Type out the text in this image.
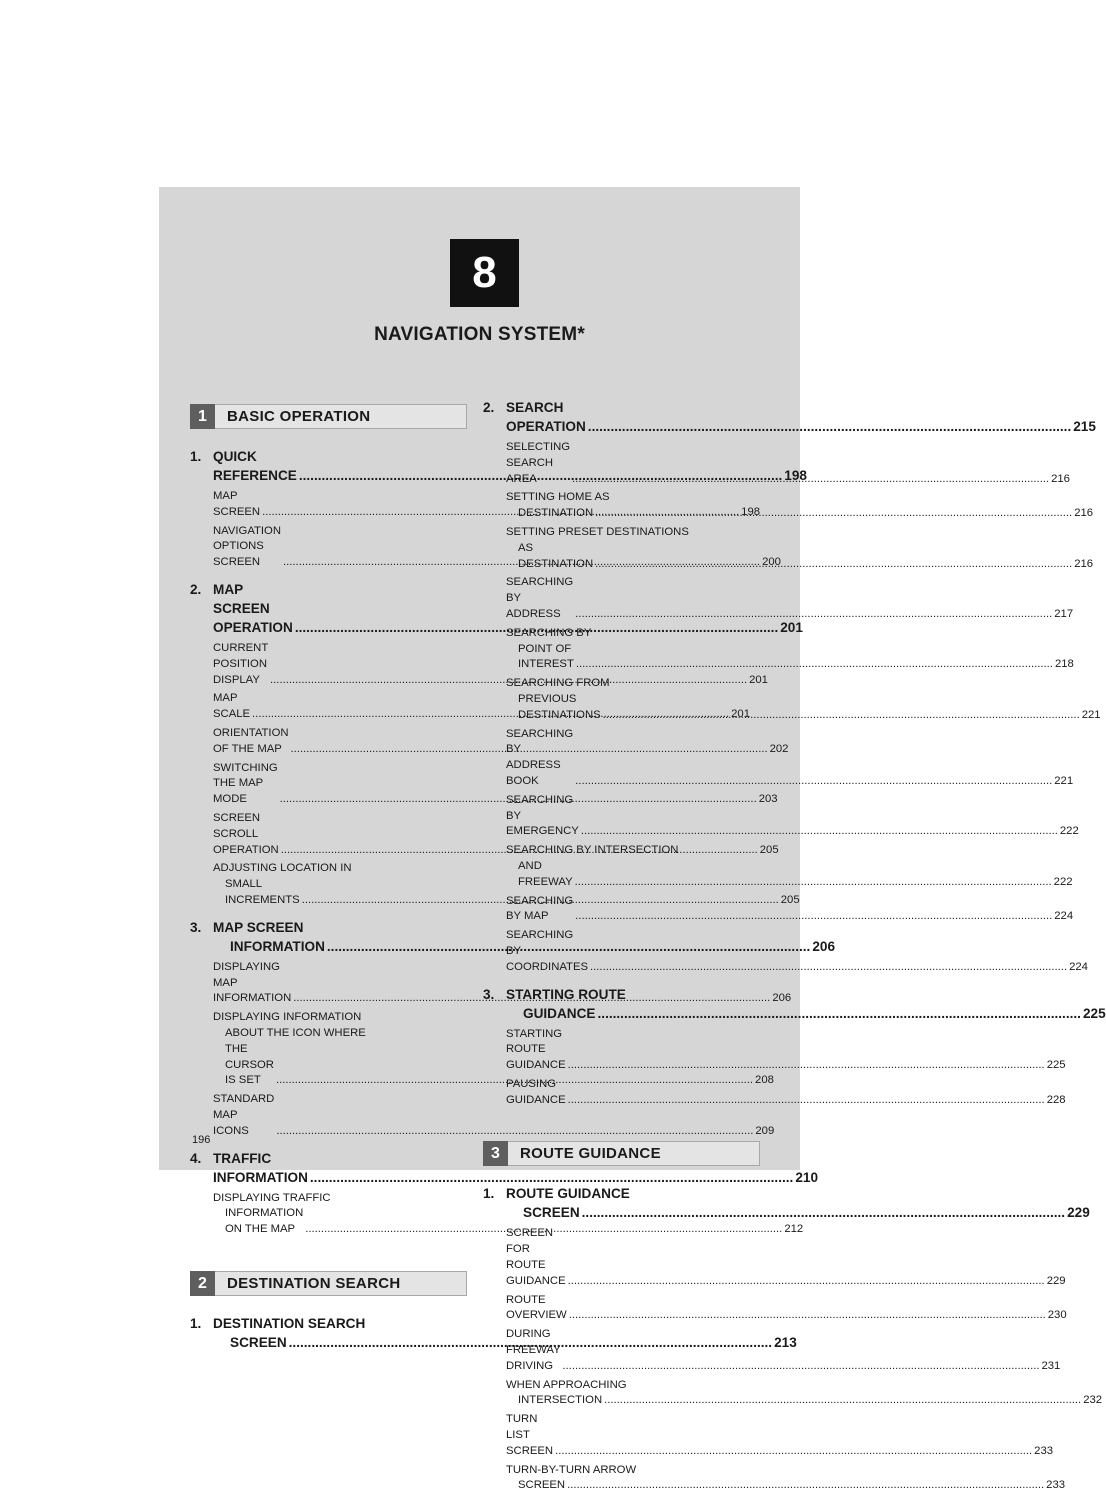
8
NAVIGATION SYSTEM*
196
1	BASIC OPERATION
1. QUICK REFERENCE .....	198
MAP SCREEN .....	198
NAVIGATION OPTIONS SCREEN .....	200
2. MAP SCREEN OPERATION .....	201
CURRENT POSITION DISPLAY .....	201
MAP SCALE .....	201
ORIENTATION OF THE MAP .....	202
SWITCHING THE MAP MODE .....	203
SCREEN SCROLL OPERATION .....	205
ADJUSTING LOCATION IN
SMALL INCREMENTS .....	205
3. MAP SCREEN
INFORMATION .....	206
DISPLAYING MAP INFORMATION .....	206
DISPLAYING INFORMATION
ABOUT THE ICON WHERE
THE CURSOR IS SET .....	208
STANDARD MAP ICONS .....	209
4. TRAFFIC INFORMATION .....	210
DISPLAYING TRAFFIC
INFORMATION ON THE MAP .....	212
2	DESTINATION SEARCH
1. DESTINATION SEARCH
SCREEN .....	213
2. SEARCH OPERATION .....	215
SELECTING SEARCH AREA .....	216
SETTING HOME AS
DESTINATION .....	216
SETTING PRESET DESTINATIONS
AS DESTINATION .....	216
SEARCHING BY ADDRESS .....	217
SEARCHING BY
POINT OF INTEREST .....	218
SEARCHING FROM
PREVIOUS DESTINATIONS .....	221
SEARCHING BY ADDRESS BOOK .....	221
SEARCHING BY EMERGENCY .....	222
SEARCHING BY INTERSECTION
AND FREEWAY .....	222
SEARCHING BY MAP .....	224
SEARCHING BY COORDINATES .....	224
3. STARTING ROUTE
GUIDANCE .....	225
STARTING ROUTE GUIDANCE .....	225
PAUSING GUIDANCE .....	228
3	ROUTE GUIDANCE
1. ROUTE GUIDANCE
SCREEN .....	229
SCREEN FOR ROUTE GUIDANCE .....	229
ROUTE OVERVIEW .....	230
DURING FREEWAY DRIVING .....	231
WHEN APPROACHING
INTERSECTION .....	232
TURN LIST SCREEN .....	233
TURN-BY-TURN ARROW
SCREEN .....	233
